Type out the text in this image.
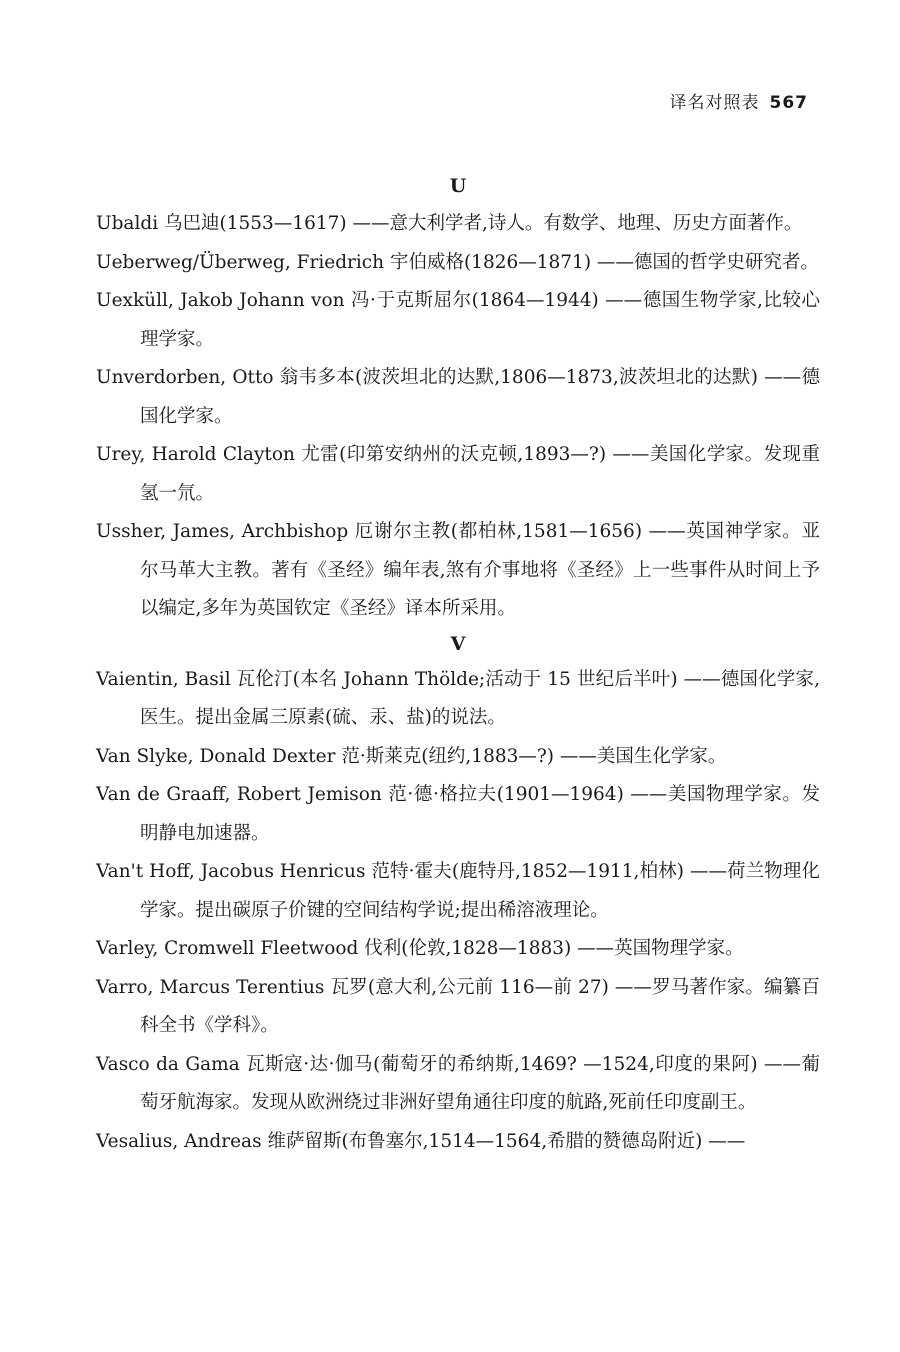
译名对照表 567

U

Ubaldi 乌巴迪(1553—1617) ——意大利学者,诗人。有数学、地理、历史方面著作。

Ueberweg/Überweg, Friedrich 宇伯威格(1826—1871) ——德国的哲学史研究者。

Uexküll, Jakob Johann von 冯·于克斯屈尔(1864—1944) ——德国生物学家,比较心理学家。

Unverdorben, Otto 翁韦多本(波茨坦北的达默,1806—1873,波茨坦北的达默) ——德国化学家。

Urey, Harold Clayton 尤雷(印第安纳州的沃克顿,1893—?) ——美国化学家。发现重氢一氘。

Ussher, James, Archbishop 厄谢尔主教(都柏林,1581—1656) ——英国神学家。亚尔马革大主教。著有《圣经》编年表,煞有介事地将《圣经》上一些事件从时间上予以编定,多年为英国钦定《圣经》译本所采用。

V

Vaientin, Basil 瓦伦汀(本名 Johann Thölde;活动于 15 世纪后半叶) ——德国化学家,医生。提出金属三原素(硫、汞、盐)的说法。

Van Slyke, Donald Dexter 范·斯莱克(纽约,1883—?) ——美国生化学家。

Van de Graaff, Robert Jemison 范·德·格拉夫(1901—1964) ——美国物理学家。发明静电加速器。

Van't Hoff, Jacobus Henricus 范特·霍夫(鹿特丹,1852—1911,柏林) ——荷兰物理化学家。提出碳原子价键的空间结构学说;提出稀溶液理论。

Varley, Cromwell Fleetwood 伐利(伦敦,1828—1883) ——英国物理学家。

Varro, Marcus Terentius 瓦罗(意大利,公元前 116—前 27) ——罗马著作家。编纂百科全书《学科》。

Vasco da Gama 瓦斯寇·达·伽马(葡萄牙的希纳斯,1469? —1524,印度的果阿) ——葡萄牙航海家。发现从欧洲绕过非洲好望角通往印度的航路,死前任印度副王。

Vesalius, Andreas 维萨留斯(布鲁塞尔,1514—1564,希腊的赞德岛附近) ——
